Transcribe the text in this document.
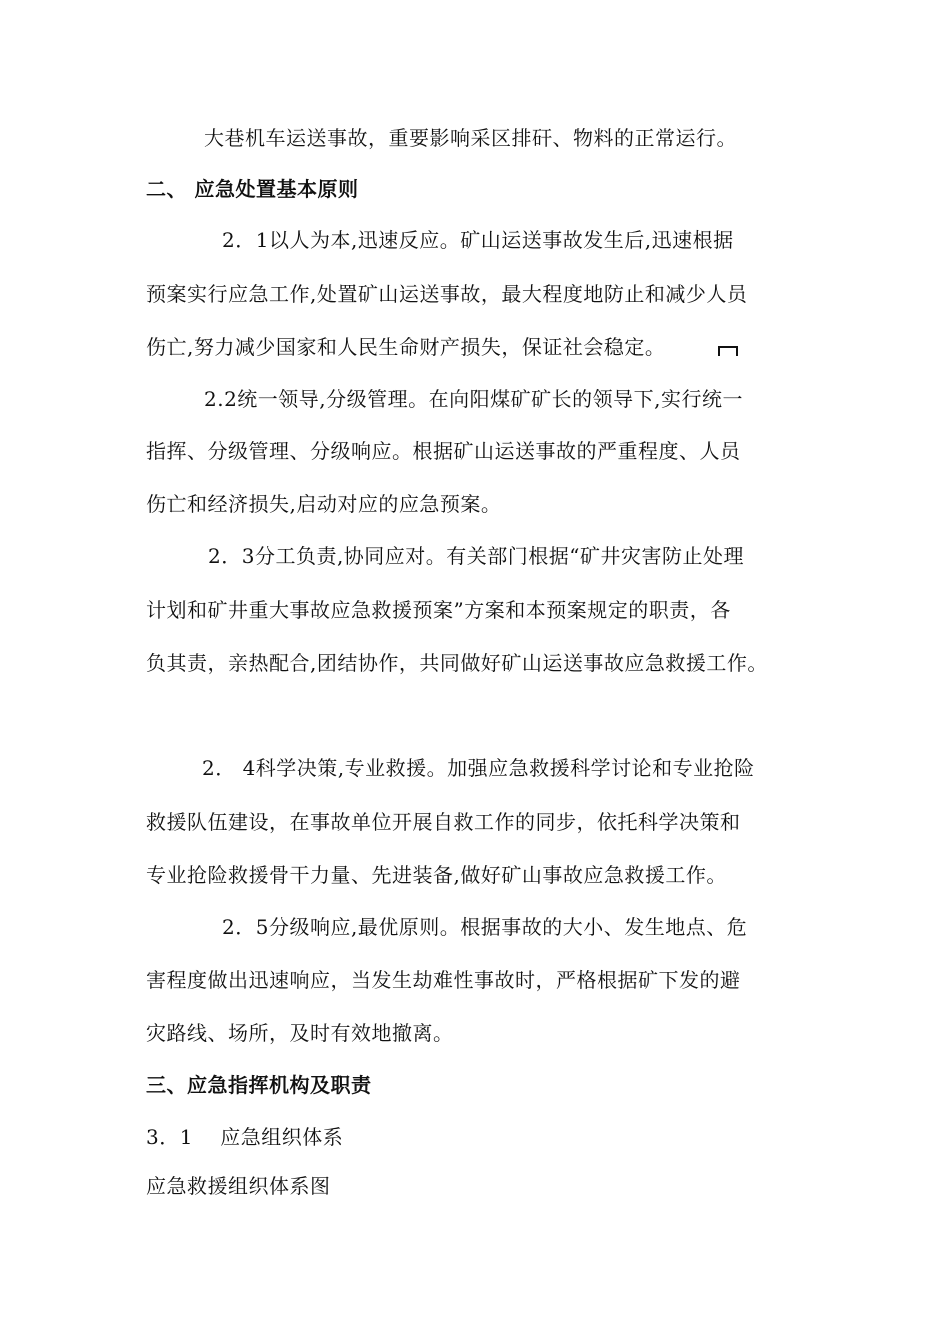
大巷机车运送事故，重要影响采区排矸、物料的正常运行。
二、 应急处置基本原则
2．1以人为本,迅速反应。矿山运送事故发生后,迅速根据
预案实行应急工作,处置矿山运送事故，最大程度地防止和减少人员
伤亡,努力减少国家和人民生命财产损失，保证社会稳定。
2.2统一领导,分级管理。在向阳煤矿矿长的领导下,实行统一
指挥、分级管理、分级响应。根据矿山运送事故的严重程度、人员
伤亡和经济损失,启动对应的应急预案。
2．3分工负责,协同应对。有关部门根据“矿井灾害防止处理
计划和矿井重大事故应急救援预案”方案和本预案规定的职责，各
负其责，亲热配合,团结协作，共同做好矿山运送事故应急救援工作。
2． 4科学决策,专业救援。加强应急救援科学讨论和专业抢险
救援队伍建设，在事故单位开展自救工作的同步，依托科学决策和
专业抢险救援骨干力量、先进装备,做好矿山事故应急救援工作。
2．5分级响应,最优原则。根据事故的大小、发生地点、危
害程度做出迅速响应，当发生劫难性事故时，严格根据矿下发的避
灾路线、场所，及时有效地撤离。
三、应急指挥机构及职责
3．1　 应急组织体系
应急救援组织体系图
